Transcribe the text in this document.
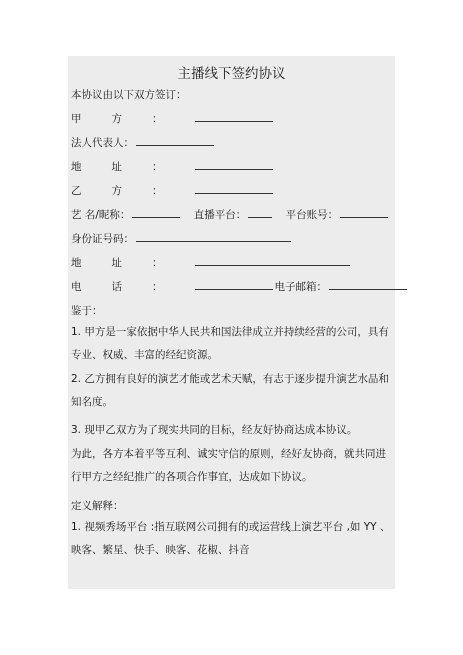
主播线下签约协议
本协议由以下双方签订：
甲方：
法人代表人：
地址：
乙方：
艺 名/昵称：	直播平台：	平台账号：
身份证号码：
地址：
电话：	电子邮箱：
鉴于：
1. 甲方是一家依据中华人民共和国法律成立并持续经营的公司，具有专业、权威、丰富的经纪资源。
2. 乙方拥有良好的演艺才能或艺术天赋，有志于逐步提升演艺水品和知名度。
3. 现甲乙双方为了现实共同的目标，经友好协商达成本协议。
为此，各方本着平等互利、诚实守信的原则，经好友协商，就共同进行甲方之经纪推广的各项合作事宜，达成如下协议。
定义解释：
1. 视频秀场平台 :指互联网公司拥有的或运营线上演艺平台 ,如 YY 、映客、繁星、快手、映客、花椒、抖音
